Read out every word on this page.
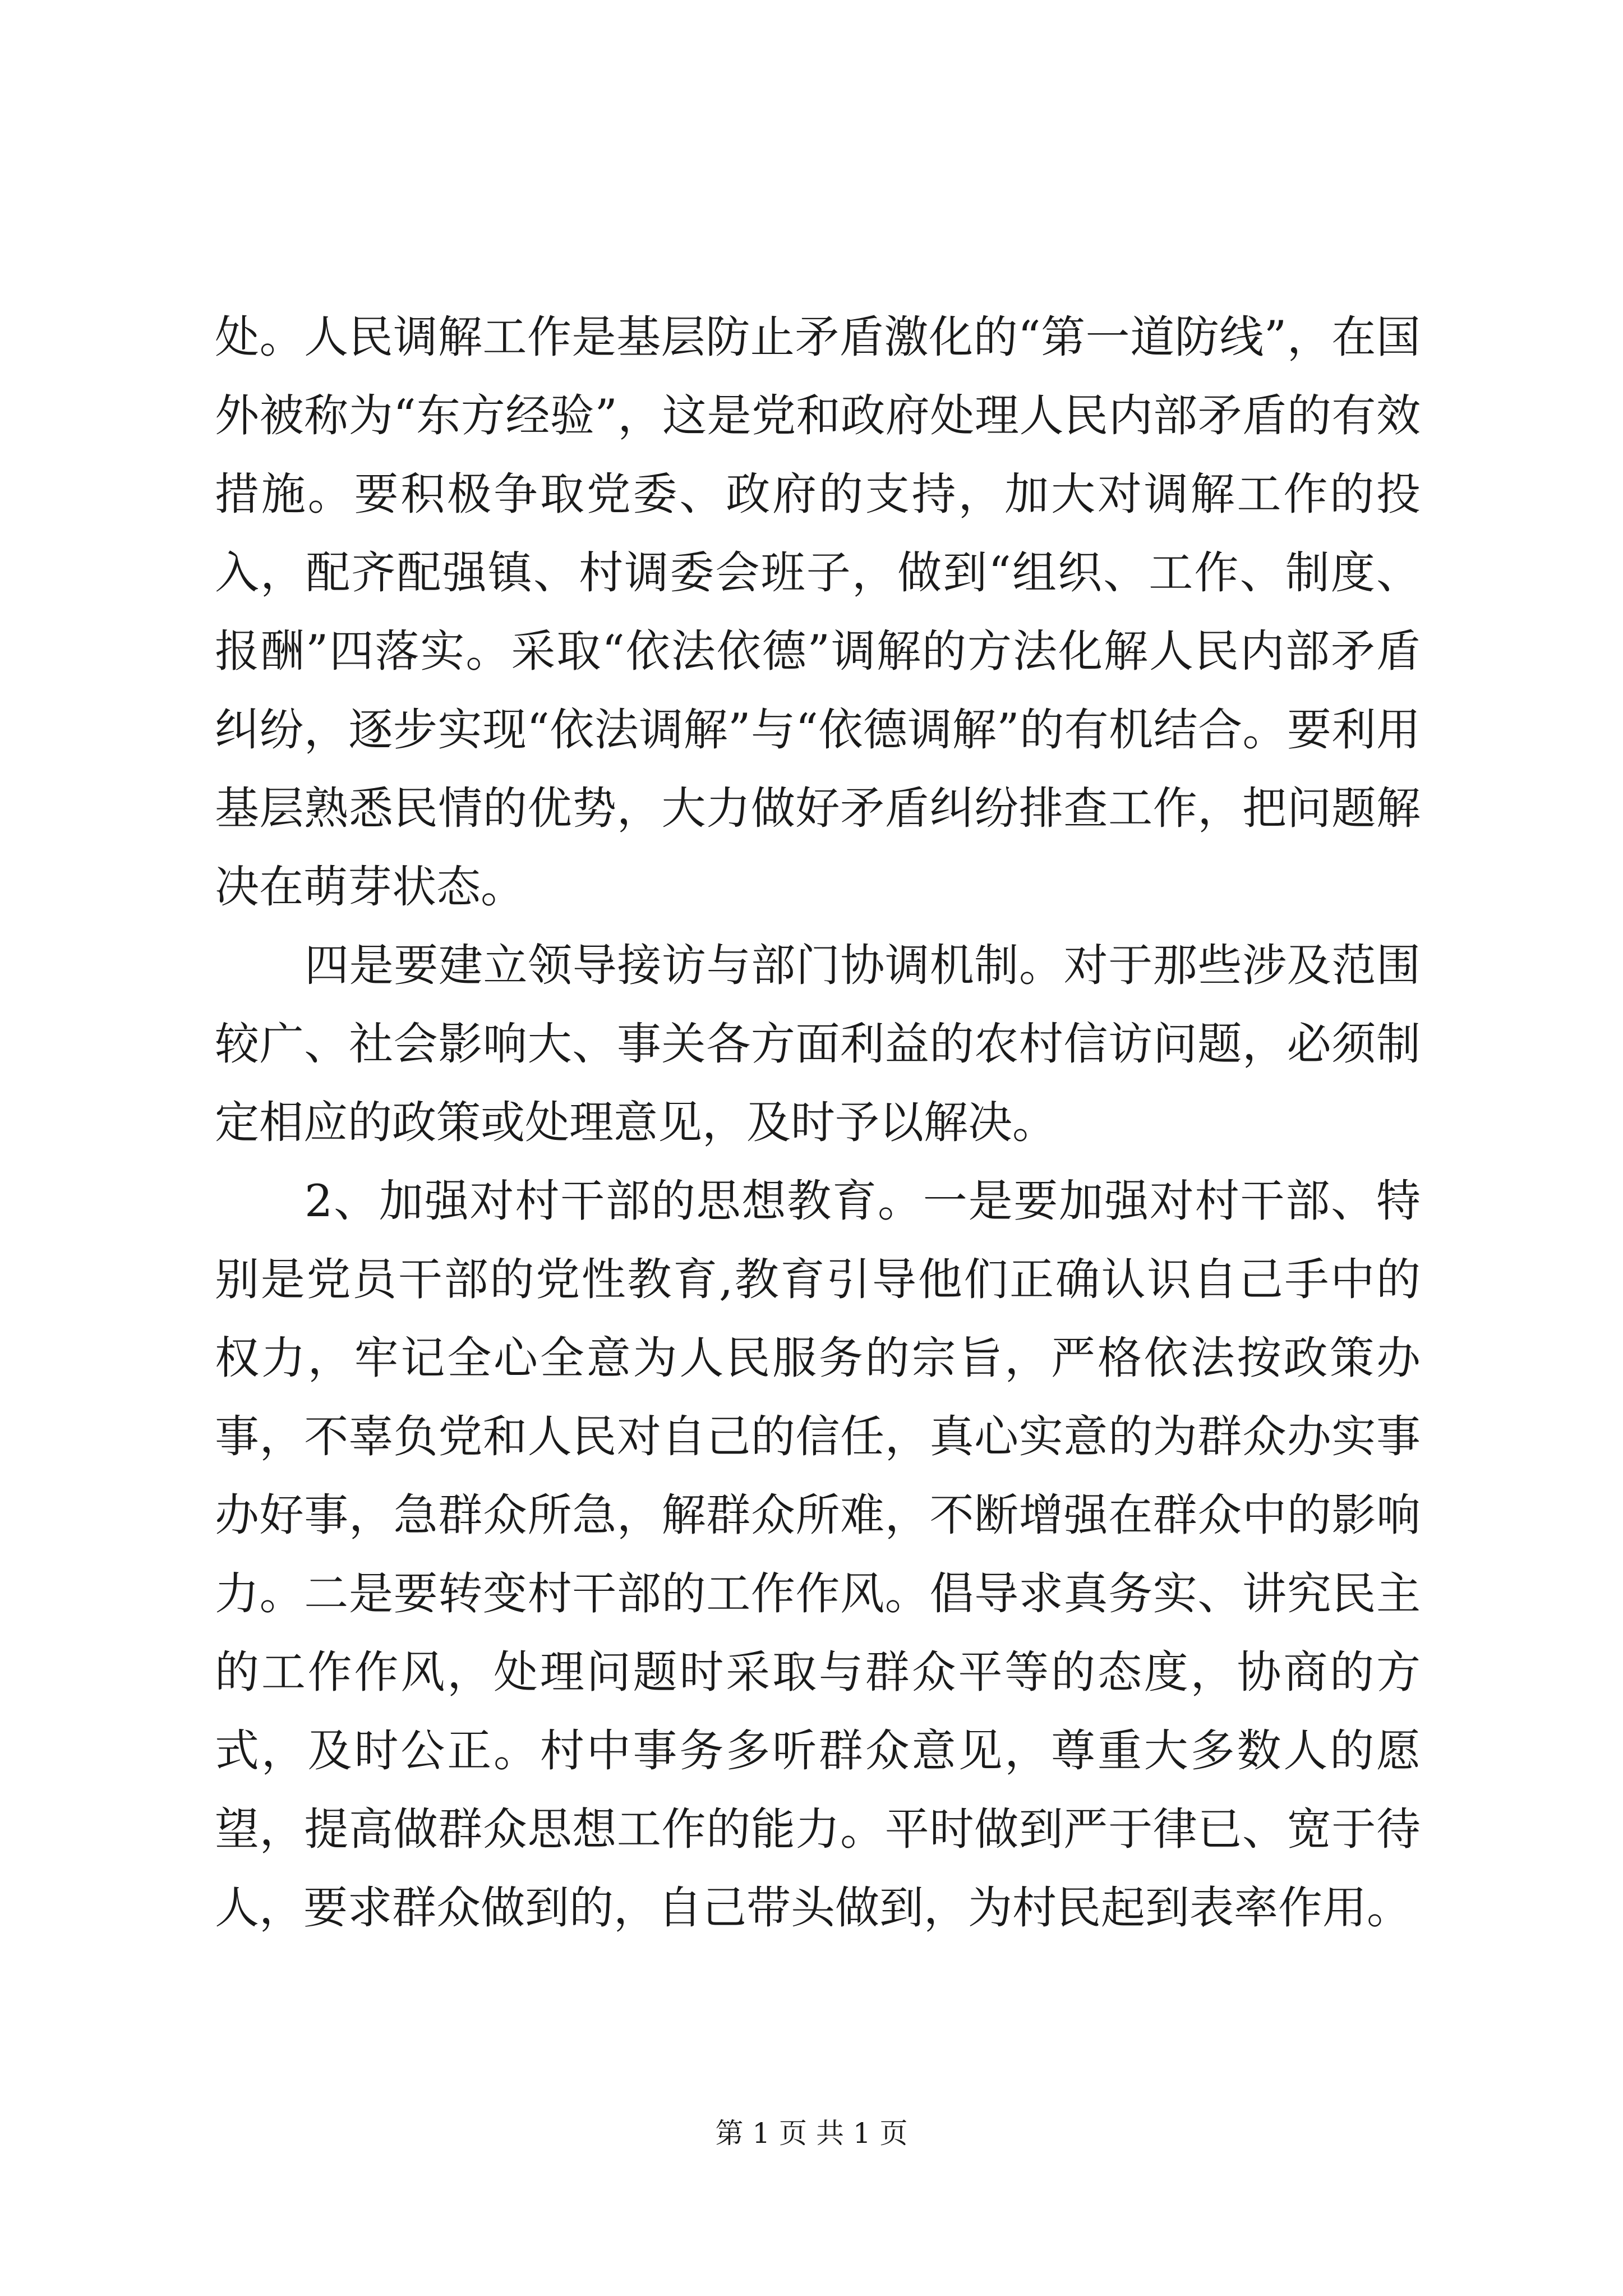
处。人民调解工作是基层防止矛盾激化的“第一道防线”，在国外被称为“东方经验”，这是党和政府处理人民内部矛盾的有效措施。要积极争取党委、政府的支持，加大对调解工作的投入，配齐配强镇、村调委会班子，做到“组织、工作、制度、报酬”四落实。采取“依法依德”调解的方法化解人民内部矛盾纠纷，逐步实现“依法调解”与“依德调解”的有机结合。要利用基层熟悉民情的优势，大力做好矛盾纠纷排查工作，把问题解决在萌芽状态。

四是要建立领导接访与部门协调机制。对于那些涉及范围较广、社会影响大、事关各方面利益的农村信访问题，必须制定相应的政策或处理意见，及时予以解决。

2、加强对村干部的思想教育。一是要加强对村干部、特别是党员干部的党性教育,教育引导他们正确认识自己手中的权力，牢记全心全意为人民服务的宗旨，严格依法按政策办事，不辜负党和人民对自己的信任，真心实意的为群众办实事办好事，急群众所急，解群众所难，不断增强在群众中的影响力。二是要转变村干部的工作作风。倡导求真务实、讲究民主的工作作风，处理问题时采取与群众平等的态度，协商的方式，及时公正。村中事务多听群众意见，尊重大多数人的愿望，提高做群众思想工作的能力。平时做到严于律已、宽于待人，要求群众做到的，自己带头做到，为村民起到表率作用。

第 1 页 共 1 页
